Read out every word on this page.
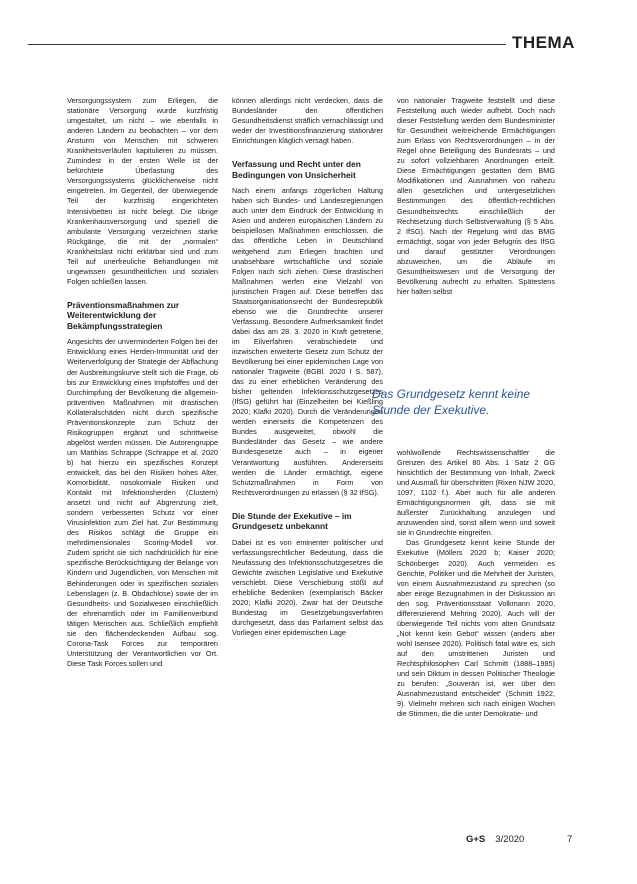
THEMA

Versorgungssystem zum Erliegen, die stationäre Versorgung wurde kurzfristig umgestaltet, um nicht – wie ebenfalls in anderen Ländern zu beobachten – vor dem Ansturm von Menschen mit schweren Krankheitsverläufen kapitulieren zu müssen. Zumindest in der ersten Welle ist der befürchtete Überlastung des Versorgungssystems glücklicherweise nicht eingetreten. Im Gegenteil, der überwiegende Teil der kurzfristig eingerichteten Intensivbetten ist nicht belegt. Die übrige Krankenhausversorgung und speziell die ambulante Versorgung verzeichnen starke Rückgänge, die mit der „normalen“ Krankheitslast nicht erklärbar sind und zum Teil auf unerfreuliche Behandlungen mit ungewissen gesundheitlichen und sozialen Folgen schließen lassen.

Präventionsmaßnahmen zur Weiterentwicklung der Bekämpfungsstrategien

Angesichts der unverminderten Folgen bei der Entwicklung eines Herden-Immunität und der Weiterverfolgung der Strategie der Abflachung der Ausbreitungskurve stellt sich die Frage, ob bis zur Entwicklung eines Impfstoffes und der Durchimpfung der Bevölkerung die allgemein-präventiven Maßnahmen mit drastischen Kollateralschäden nicht durch spezifische Präventionskonzepte zum Schutz der Risikogruppen ergänzt und schrittweise abgelöst werden müssen. Die Autorengruppe um Matthias Schrappe (Schrappe et al. 2020 b) hat hierzu ein spezifisches Konzept entwickelt, das bei den Risiken hohes Alter, Komorbidität, nosokomiale Risiken und Kontakt mit Infektionsherden (Clustern) ansetzt und nicht auf Abgrenzung zielt, sondern verbesserten Schutz vor einer Virusinfektion zum Ziel hat. Zur Bestimmung des Risikos schlägt die Gruppe ein mehrdimensionales Scoring-Modell vor. Zudem spricht sie sich nachdrücklich für eine spezifische Berücksichtigung der Belange von Kindern und Jugendlichen, von Menschen mit Behinderungen oder in spezifischen sozialen Lebenslagen (z. B. Obdachlose) sowie der im Gesundheits- und Sozialwesen einschließlich der ehrenamtlich oder im Familienverbund tätigen Menschen aus. Schließlich empfiehlt sie den flächendeckenden Aufbau sog. Corona-Task Forces zur temporären Unterstützung der Verantwortlichen vor Ort. Diese Task Forces sollen und

können allerdings nicht verdecken, dass die Bundesländer den öffentlichen Gesundheitsdienst sträflich vernachlässigt und weder der Investitionsfinanzierung stationärer Einrichtungen kläglich versagt haben.

Verfassung und Recht unter den Bedingungen von Unsicherheit

Nach einem anfangs zögerlichen Haltung haben sich Bundes- und Landesregierungen auch unter dem Eindruck der Entwicklung in Asien und anderen europäischen Ländern zu beispiellosen Maßnahmen entschlossen, die das öffentliche Leben in Deutschland weitgehend zum Erliegen brachten und unabsehbare wirtschaftliche und soziale Folgen nach sich ziehen. Diese drastischen Maßnahmen werfen eine Vielzahl von juristischen Fragen auf. Diese betreffen das Staatsorganisationsrecht der Bundesrepublik ebenso wie die Grundrechte unserer Verfassung. Besondere Aufmerksamkeit findet dabei das am 28. 3. 2020 in Kraft getretene, im Eilverfahren verabschiedete und inzwischen erweiterte Gesetz zum Schutz der Bevölkerung bei einer epidemischen Lage von nationaler Tragweite (BGBl. 2020 I S. 587), das zu einer erheblichen Veränderung des bisher geltenden Infektionsschutzgesetzes (IfSG) geführt hat (Einzelheiten bei Kießling 2020; Klafki 2020). Durch die Veränderungen werden einerseits die Kompetenzen des Bundes ausgeweitet, obwohl die Bundesländer das Gesetz – wie andere Bundesgesetze auch – in eigener Verantwortung ausführen. Andererseits werden die Länder ermächtigt, eigene Schutzmaßnahmen in Form von Rechtsverordnungen zu erlassen (§ 32 IfSG).

Die Stunde der Exekutive – im Grundgesetz unbekannt

Dabei ist es von eminenter politischer und verfassungsrechtlicher Bedeutung, dass die Neufassung des Infektionsschutzgesetzes die Gewichte zwischen Legislative und Exekutive verschiebt. Diese Verschiebung stößt auf erhebliche Bedenken (exemplarisch Bäcker 2020; Klafki 2020). Zwar hat der Deutsche Bundestag im Gesetzgebungsverfahren durchgesetzt, dass das Parlament selbst das Vorliegen einer epidemischen Lage

von nationaler Tragweite feststellt und diese Feststellung auch wieder aufhebt. Doch nach dieser Feststellung werden dem Bundesminister für Gesundheit weitreichende Ermächtigungen zum Erlass von Rechtsverordnungen – in der Regel ohne Beteiligung des Bundesrats – und zu sofort vollziehbaren Anordnungen erteilt. Diese Ermächtigungen gestatten dem BMG Modifikationen und Ausnahmen von nahezu allen gesetzlichen und untergesetzlichen Bestimmungen des öffentlich-rechtlichen Gesundheitsrechts einschließlich der Rechtsetzung durch Selbstverwaltung (§ 5 Abs. 2 IfSG). Nach der Regelung wird das BMG ermächtigt, sogar von jeder Befugnis des IfSG und darauf gestützter Verordnungen abzuweichen, um die Abläufe im Gesundheitswesen und die Versorgung der Bevölkerung aufrecht zu erhalten. Spätestens hier halten selbst

Das Grundgesetz kennt keine Stunde der Exekutive.

wohlwollende Rechtswissenschaftler die Grenzen des Artikel 80 Abs. 1 Satz 2 GG hinsichtlich der Bestimmung von Inhalt, Zweck und Ausmaß für überschritten (Rixen NJW 2020, 1097, 1102 f.). Aber auch für alle anderen Ermächtigungsnormen gilt, dass sie mit äußerster Zurückhaltung anzulegen und anzuwenden sind, sonst allem wenn und soweit sie in Grundrechte eingreifen.

Das Grundgesetz kennt keine Stunde der Exekutive (Möllers 2020 b; Kaiser 2020; Schönberger 2020). Auch vermeiden es Gerichte, Politiker und die Mehrheit der Juristen, von einem Ausnahmezustand zu sprechen (so aber einige Bezugnahmen in der Diskussion an den sog. Präventionsstaat Volkmann 2020, differenzierend Mehring 2020). Auch will der überwiegende Teil nichts vom alten Grundsatz „Not kennt kein Gebot“ wissen (anders aber wohl Isensee 2020). Politisch fatal wäre es, sich auf den umstrittenen Juristen und Rechtsphilosophen Carl Schmitt (1888–1985) und sein Diktum in dessen Politischer Theologie zu berufen: „Souverän ist, wer über den Ausnahmezustand entscheidet“ (Schmitt 1922, 9). Vielmehr mehren sich nach einigen Wochen die Stimmen, die die unter Demokratie- und

G+S 3/2020	7
